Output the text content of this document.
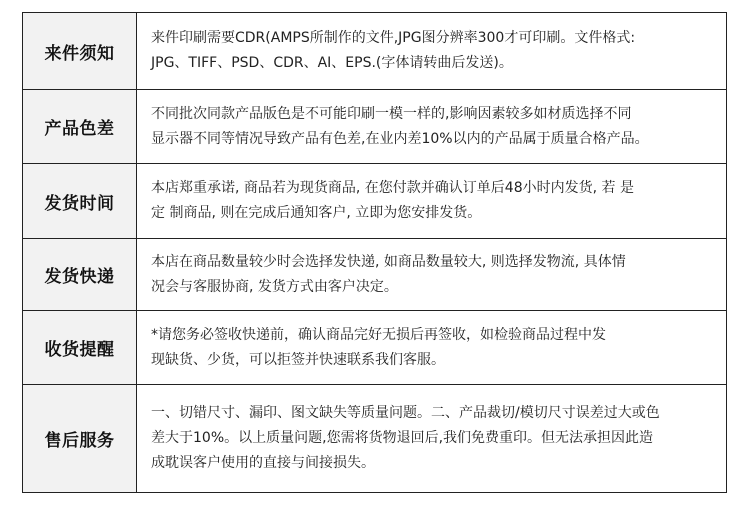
来件须知
来件印刷需要CDR(AMPS所制作的文件,JPG图分辨率300才可印刷。文件格式:
JPG、TIFF、PSD、CDR、AI、EPS.(字体请转曲后发送)。
产品色差
不同批次同款产品版色是不可能印刷一模一样的,影响因素较多如材质选择不同
显示器不同等情况导致产品有色差,在业内差10%以内的产品属于质量合格产品。
发货时间
本店郑重承诺, 商品若为现货商品, 在您付款并确认订单后48小时内发货, 若 是
定 制商品, 则在完成后通知客户, 立即为您安排发货。
发货快递
本店在商品数量较少时会选择发快递, 如商品数量较大, 则选择发物流, 具体情
况会与客服协商, 发货方式由客户决定。
收货提醒
*请您务必签收快递前，确认商品完好无损后再签收，如检验商品过程中发
现缺货、少货，可以拒签并快速联系我们客服。
售后服务
一、切错尺寸、漏印、图文缺失等质量问题。二、产品裁切/模切尺寸误差过大或色
差大于10%。以上质量问题,您需将货物退回后,我们免费重印。但无法承担因此造
成耽误客户使用的直接与间接损失。
